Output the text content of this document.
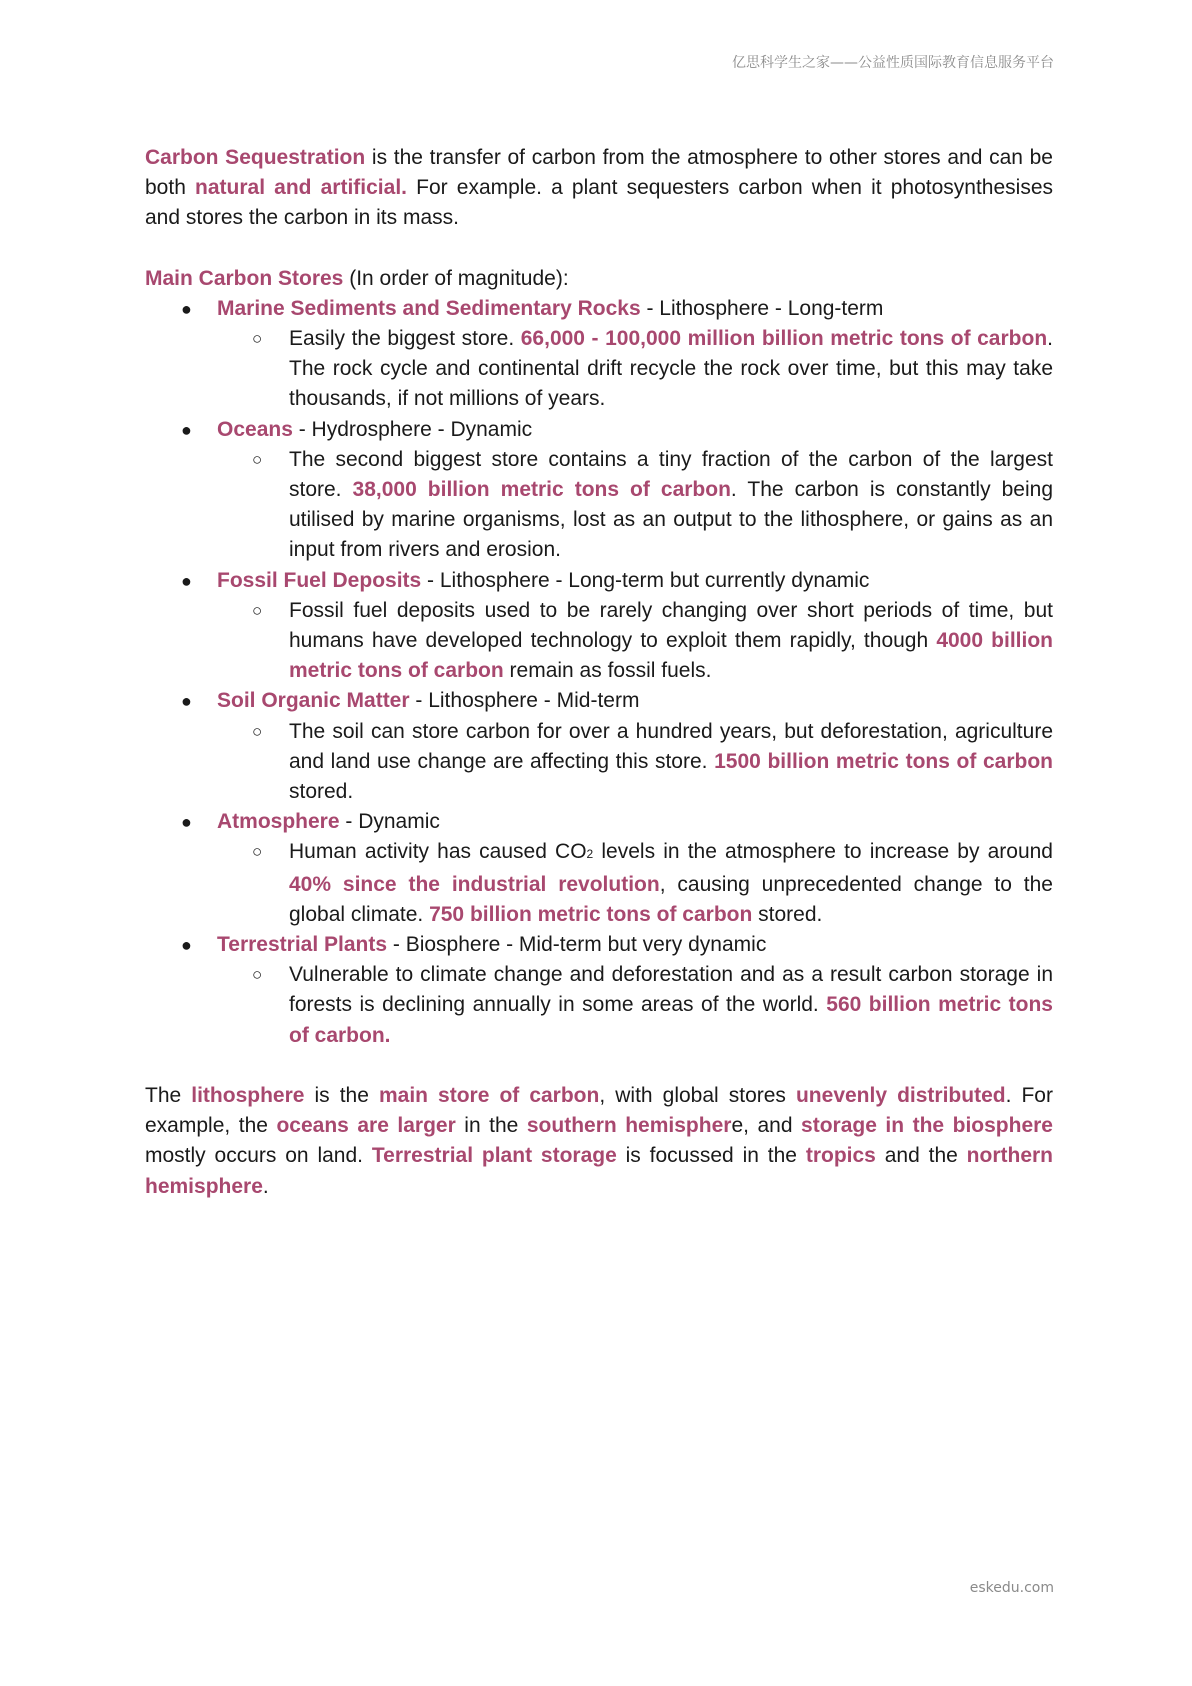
亿思科学生之家——公益性质国际教育信息服务平台

Carbon Sequestration is the transfer of carbon from the atmosphere to other stores and can be both natural and artificial. For example. a plant sequesters carbon when it photosynthesises and stores the carbon in its mass.

Main Carbon Stores (In order of magnitude):

● Marine Sediments and Sedimentary Rocks - Lithosphere - Long-term
○ Easily the biggest store. 66,000 - 100,000 million billion metric tons of carbon. The rock cycle and continental drift recycle the rock over time, but this may take thousands, if not millions of years.
● Oceans - Hydrosphere - Dynamic
○ The second biggest store contains a tiny fraction of the carbon of the largest store. 38,000 billion metric tons of carbon. The carbon is constantly being utilised by marine organisms, lost as an output to the lithosphere, or gains as an input from rivers and erosion.
● Fossil Fuel Deposits - Lithosphere - Long-term but currently dynamic
○ Fossil fuel deposits used to be rarely changing over short periods of time, but humans have developed technology to exploit them rapidly, though 4000 billion metric tons of carbon remain as fossil fuels.
● Soil Organic Matter - Lithosphere - Mid-term
○ The soil can store carbon for over a hundred years, but deforestation, agriculture and land use change are affecting this store. 1500 billion metric tons of carbon stored.
● Atmosphere - Dynamic
○ Human activity has caused CO2 levels in the atmosphere to increase by around 40% since the industrial revolution, causing unprecedented change to the global climate. 750 billion metric tons of carbon stored.
● Terrestrial Plants - Biosphere - Mid-term but very dynamic
○ Vulnerable to climate change and deforestation and as a result carbon storage in forests is declining annually in some areas of the world. 560 billion metric tons of carbon.

The lithosphere is the main store of carbon, with global stores unevenly distributed. For example, the oceans are larger in the southern hemisphere, and storage in the biosphere mostly occurs on land. Terrestrial plant storage is focussed in the tropics and the northern hemisphere.

eskedu.com
